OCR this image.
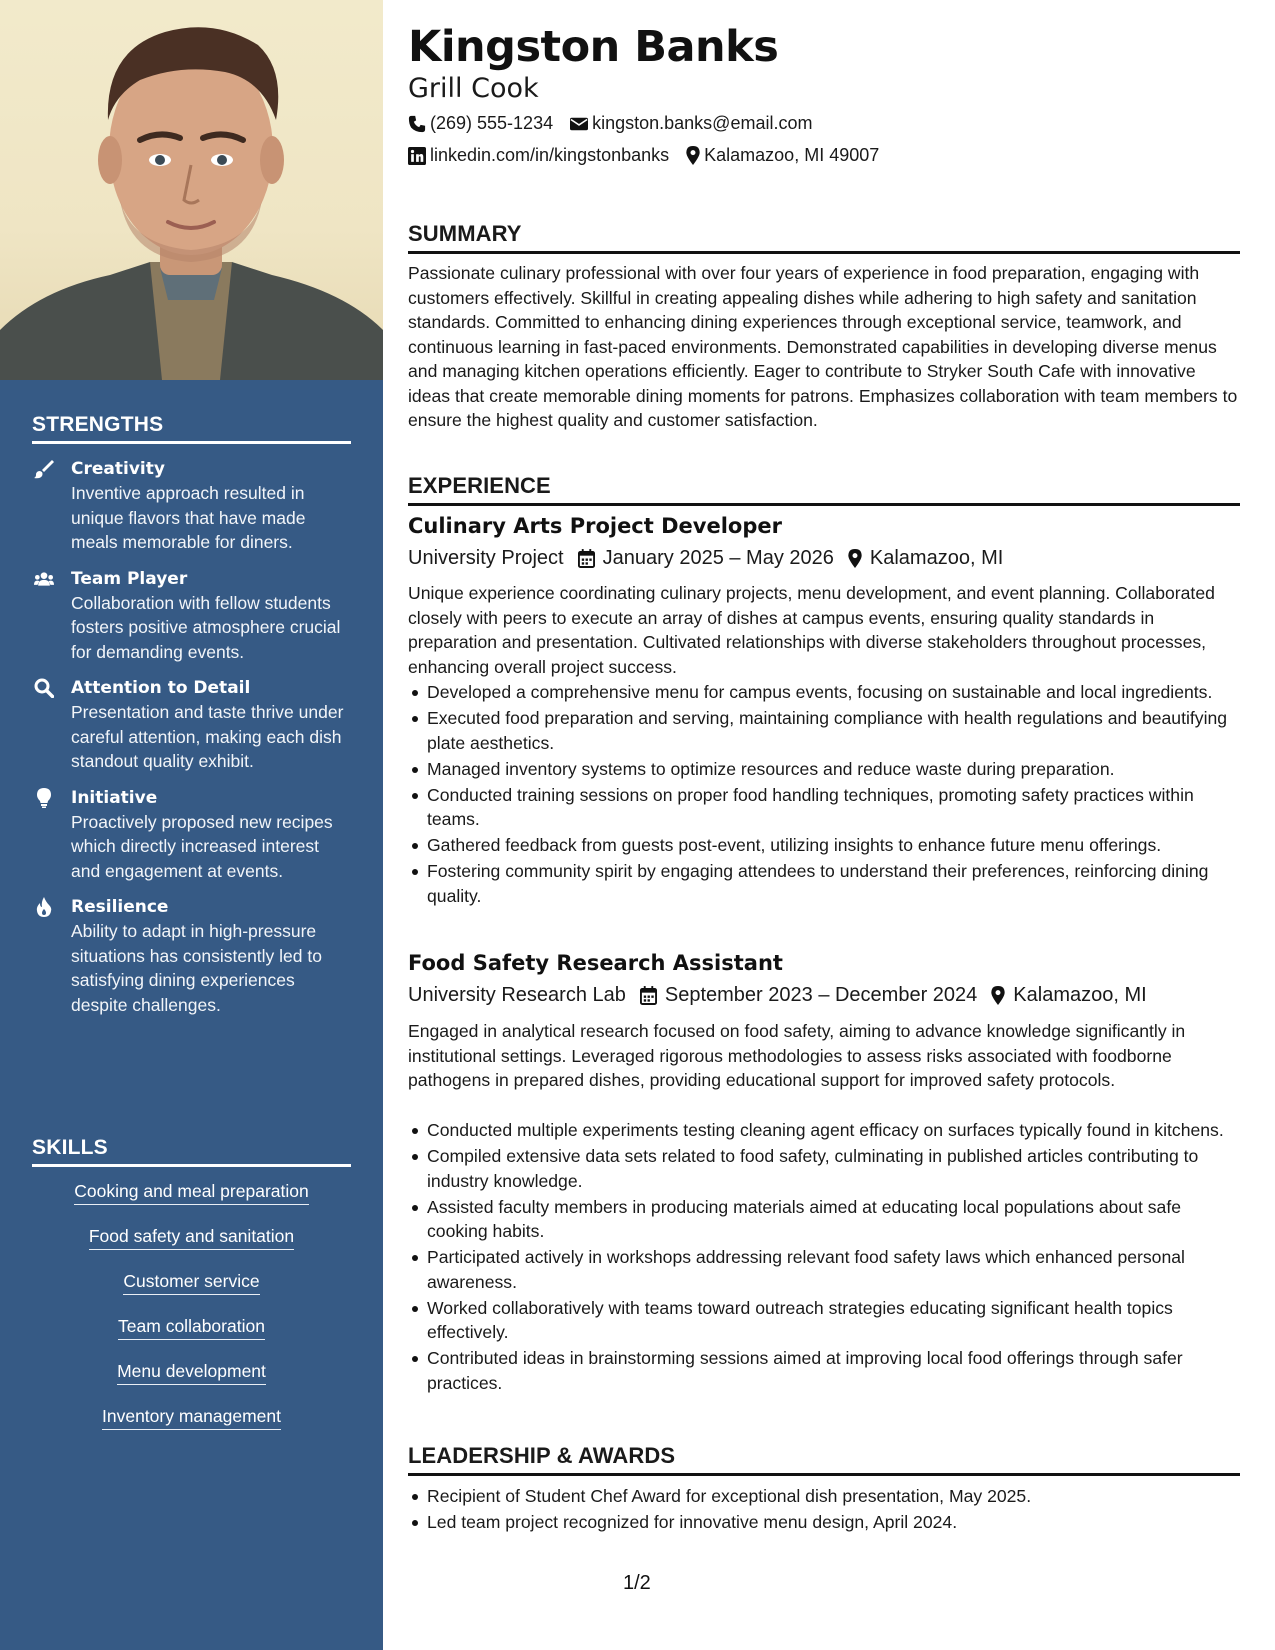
STRENGTHS
Creativity
Inventive approach resulted in unique flavors that have made meals memorable for diners.
Team Player
Collaboration with fellow students fosters positive atmosphere crucial for demanding events.
Attention to Detail
Presentation and taste thrive under careful attention, making each dish standout quality exhibit.
Initiative
Proactively proposed new recipes which directly increased interest and engagement at events.
Resilience
Ability to adapt in high-pressure situations has consistently led to satisfying dining experiences despite challenges.
SKILLS
Cooking and meal preparation
Food safety and sanitation
Customer service
Team collaboration
Menu development
Inventory management
Kingston Banks
Grill Cook
(269) 555-1234 kingston.banks@email.com
linkedin.com/in/kingstonbanks Kalamazoo, MI 49007
SUMMARY
Passionate culinary professional with over four years of experience in food preparation, engaging with customers effectively. Skillful in creating appealing dishes while adhering to high safety and sanitation standards. Committed to enhancing dining experiences through exceptional service, teamwork, and continuous learning in fast-paced environments. Demonstrated capabilities in developing diverse menus and managing kitchen operations efficiently. Eager to contribute to Stryker South Cafe with innovative ideas that create memorable dining moments for patrons. Emphasizes collaboration with team members to ensure the highest quality and customer satisfaction.
EXPERIENCE
Culinary Arts Project Developer
University Project January 2025 – May 2026 Kalamazoo, MI
Unique experience coordinating culinary projects, menu development, and event planning. Collaborated closely with peers to execute an array of dishes at campus events, ensuring quality standards in preparation and presentation. Cultivated relationships with diverse stakeholders throughout processes, enhancing overall project success.
Developed a comprehensive menu for campus events, focusing on sustainable and local ingredients.
Executed food preparation and serving, maintaining compliance with health regulations and beautifying plate aesthetics.
Managed inventory systems to optimize resources and reduce waste during preparation.
Conducted training sessions on proper food handling techniques, promoting safety practices within teams.
Gathered feedback from guests post-event, utilizing insights to enhance future menu offerings.
Fostering community spirit by engaging attendees to understand their preferences, reinforcing dining quality.
Food Safety Research Assistant
University Research Lab September 2023 – December 2024 Kalamazoo, MI
Engaged in analytical research focused on food safety, aiming to advance knowledge significantly in institutional settings. Leveraged rigorous methodologies to assess risks associated with foodborne pathogens in prepared dishes, providing educational support for improved safety protocols.
Conducted multiple experiments testing cleaning agent efficacy on surfaces typically found in kitchens.
Compiled extensive data sets related to food safety, culminating in published articles contributing to industry knowledge.
Assisted faculty members in producing materials aimed at educating local populations about safe cooking habits.
Participated actively in workshops addressing relevant food safety laws which enhanced personal awareness.
Worked collaboratively with teams toward outreach strategies educating significant health topics effectively.
Contributed ideas in brainstorming sessions aimed at improving local food offerings through safer practices.
LEADERSHIP & AWARDS
Recipient of Student Chef Award for exceptional dish presentation, May 2025.
Led team project recognized for innovative menu design, April 2024.
1/2
